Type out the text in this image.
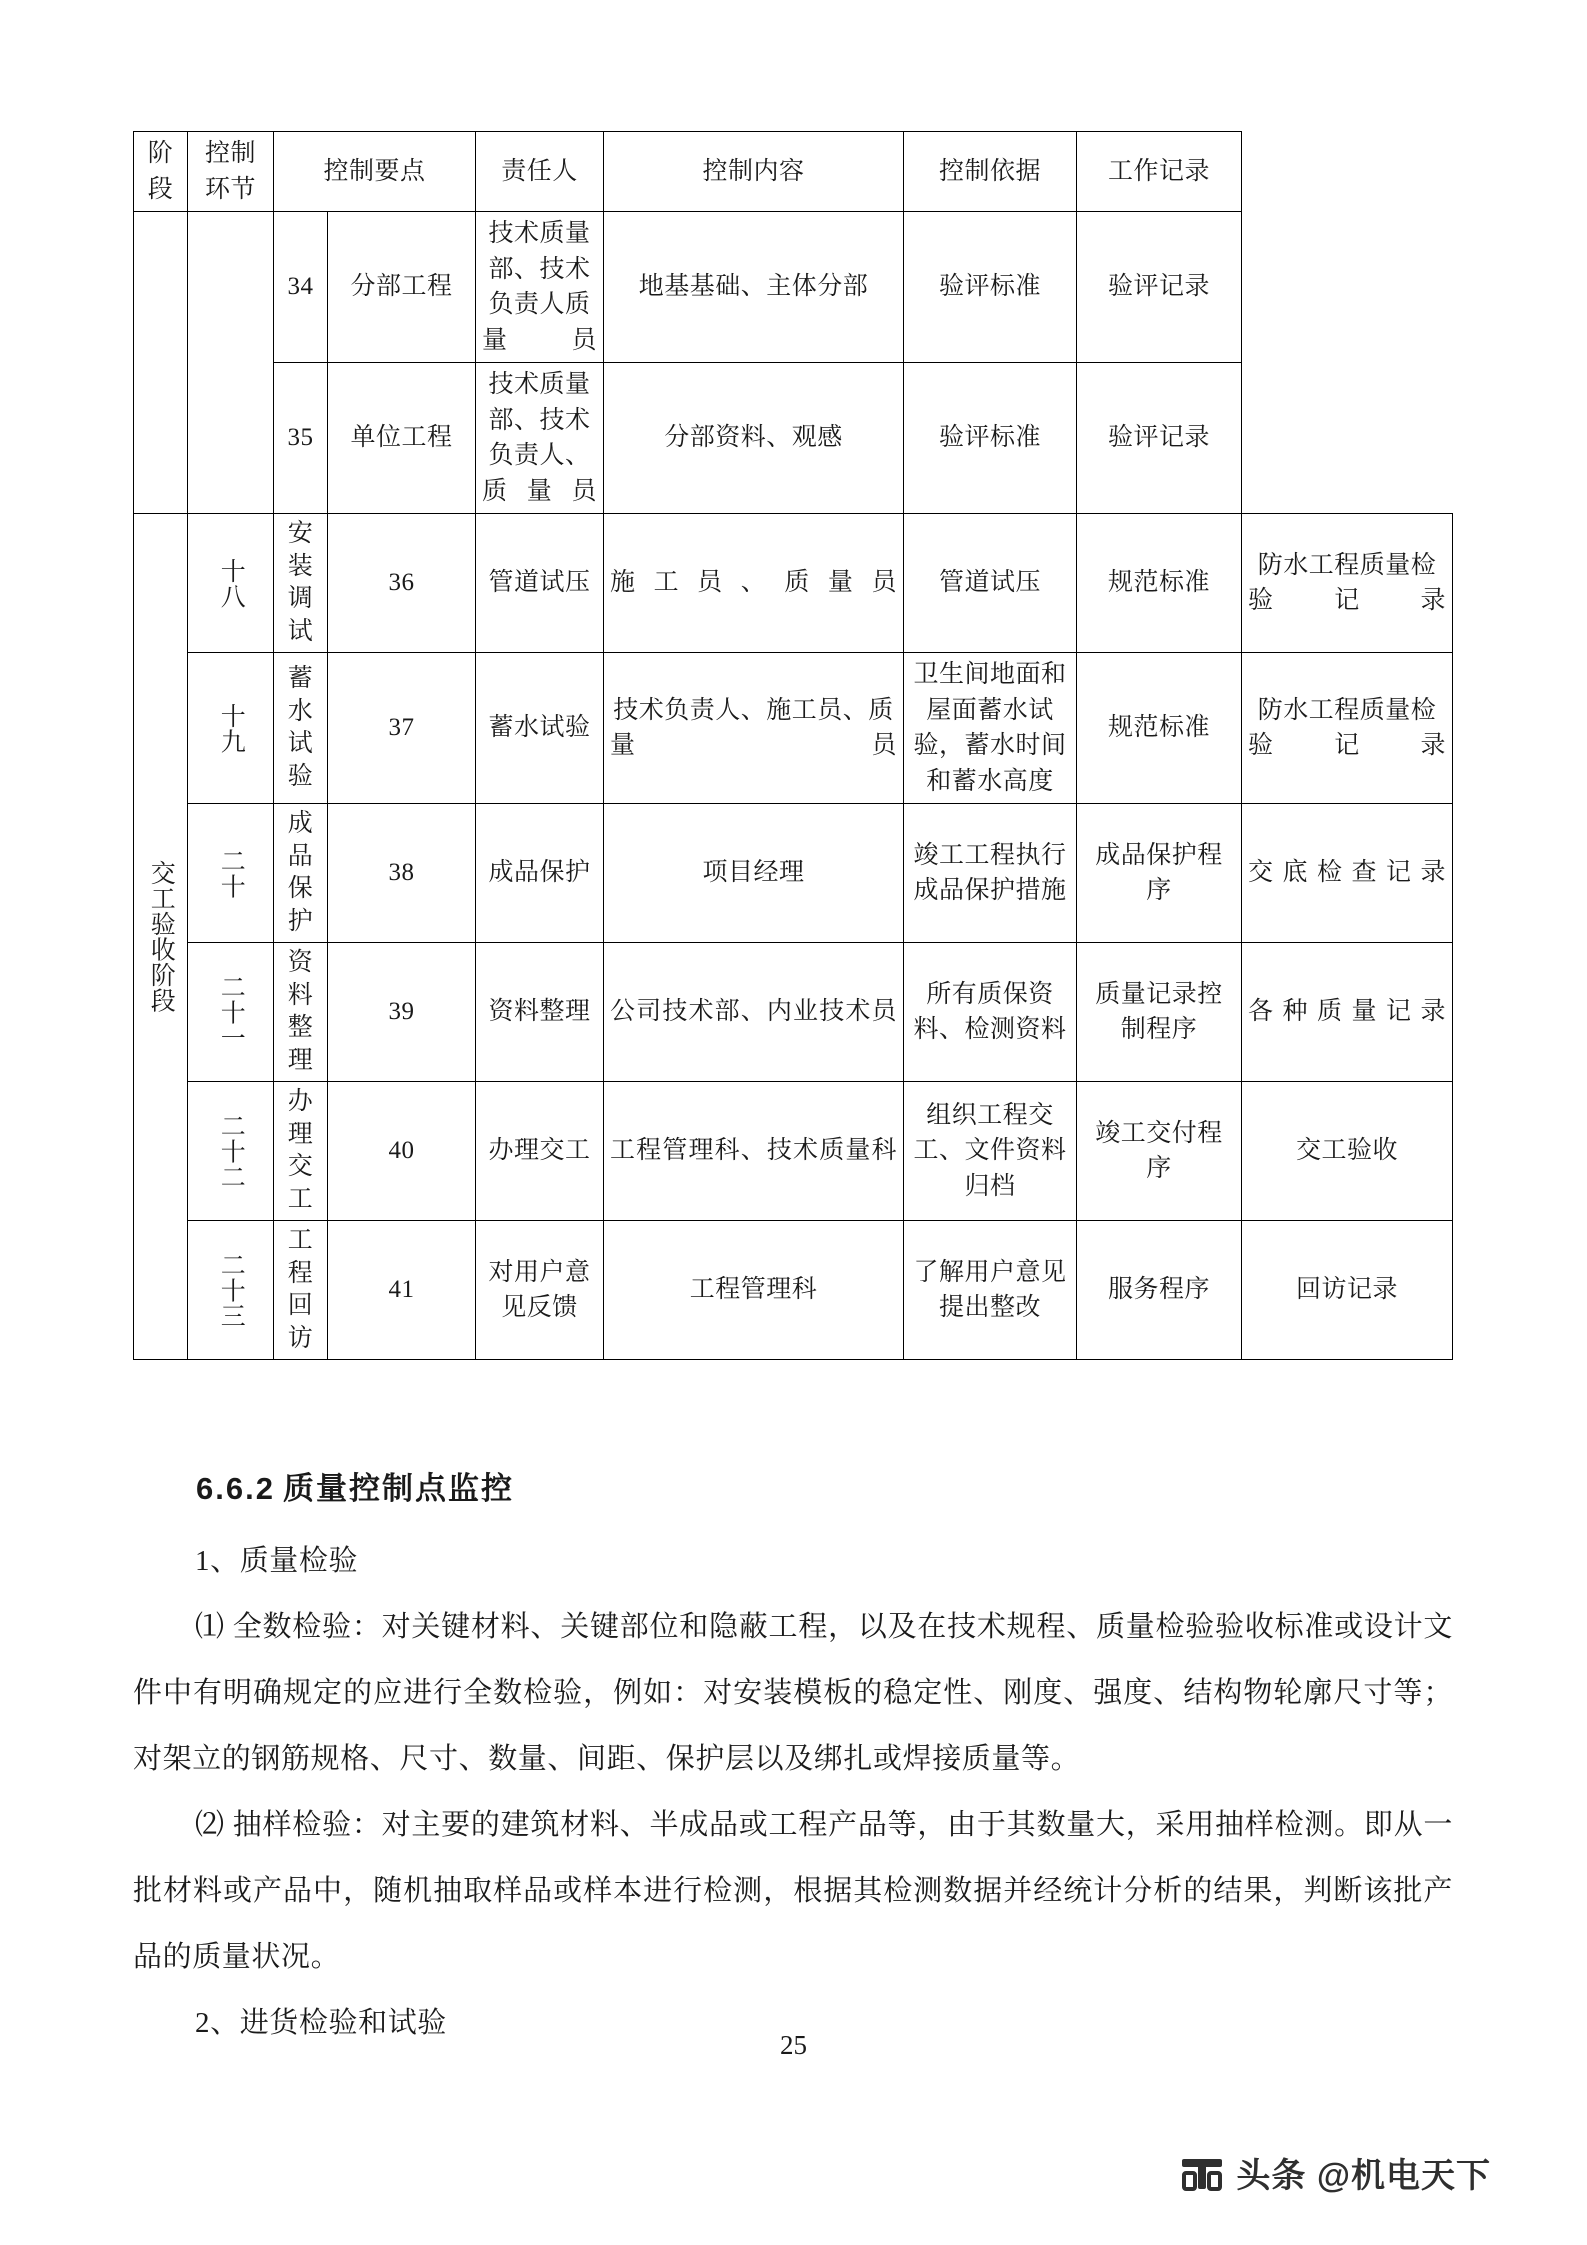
阶段	控制环节	控制要点		责任人	控制内容	控制依据	工作记录	
		34	分部工程	技术质量部、技术负责人质量员	地基基础、主体分部	验评标准	验评记录	
		35	单位工程	技术质量部、技术负责人、质量员	分部资料、观感	验评标准	验评记录	
交工验收阶段	十八	安装调试	36	管道试压	施工员、质量员	管道试压	规范标准	防水工程质量检验记录
	十九	蓄水试验	37	蓄水试验	技术负责人、施工员、质量员	卫生间地面和屋面蓄水试验，蓄水时间和蓄水高度	规范标准	防水工程质量检验记录
	二十	成品保护	38	成品保护	项目经理	竣工工程执行成品保护措施	成品保护程序	交底检查记录
	二十一	资料整理	39	资料整理	公司技术部、内业技术员	所有质保资料、检测资料	质量记录控制程序	各种质量记录
	二十二	办理交工	40	办理交工	工程管理科、技术质量科	组织工程交工、文件资料归档	竣工交付程序	交工验收
	二十三	工程回访	41	对用户意见反馈	工程管理科	了解用户意见提出整改	服务程序	回访记录
6.6.2 质量控制点监控

1、质量检验

⑴ 全数检验：对关键材料、关键部位和隐蔽工程，以及在技术规程、质量检验验收标准或设计文件中有明确规定的应进行全数检验，例如：对安装模板的稳定性、刚度、强度、结构物轮廓尺寸等；对架立的钢筋规格、尺寸、数量、间距、保护层以及绑扎或焊接质量等。

⑵ 抽样检验：对主要的建筑材料、半成品或工程产品等，由于其数量大，采用抽样检测。即从一批材料或产品中，随机抽取样品或样本进行检测，根据其检测数据并经统计分析的结果，判断该批产品的质量状况。

2、进货检验和试验

25
头条 @机电天下
